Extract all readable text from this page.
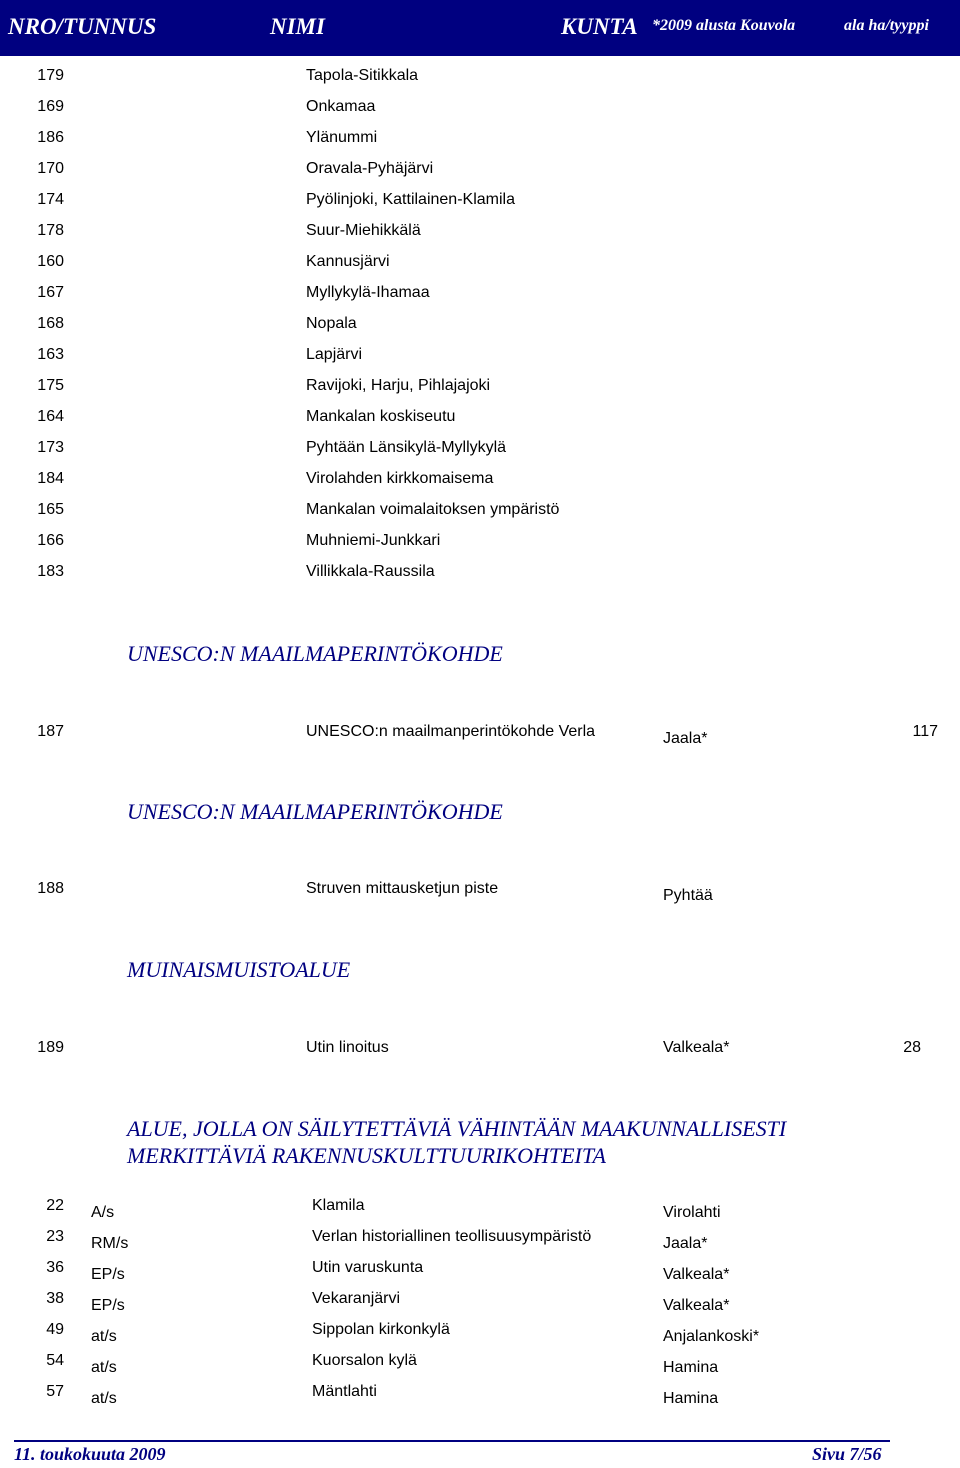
NRO/TUNNUS	NIMI	KUNTA *2009 alusta Kouvola	ala ha/tyyppi
179	Tapola-Sitikkala
169	Onkamaa
186	Ylänummi
170	Oravala-Pyhäjärvi
174	Pyölinjoki, Kattilainen-Klamila
178	Suur-Miehikkälä
160	Kannusjärvi
167	Myllykylä-Ihamaa
168	Nopala
163	Lapjärvi
175	Ravijoki, Harju, Pihlajajoki
164	Mankalan koskiseutu
173	Pyhtään Länsikylä-Myllykylä
184	Virolahden kirkkomaisema
165	Mankalan voimalaitoksen ympäristö
166	Muhniemi-Junkkari
183	Villikkala-Raussila
UNESCO:N MAAILMAPERINTÖKOHDE
187	UNESCO:n maailmanperintökohde Verla	Jaala*	117
UNESCO:N MAAILMAPERINTÖKOHDE
188	Struven mittausketjun piste	Pyhtää
MUINAISMUISTOALUE
189	Utin linoitus	Valkeala*	28
ALUE, JOLLA ON SÄILYTETTÄVIÄ VÄHINTÄÄN MAAKUNNALLISESTI
MERKITTÄVIÄ RAKENNUSKULTTUURIKOHTEITA
22 A/s	Klamila	Virolahti
23 RM/s	Verlan historiallinen teollisuusympäristö	Jaala*
36 EP/s	Utin varuskunta	Valkeala*
38 EP/s	Vekaranjärvi	Valkeala*
49 at/s	Sippolan kirkonkylä	Anjalankoski*
54 at/s	Kuorsalon kylä	Hamina
57 at/s	Mäntlahti	Hamina
11. toukokuuta 2009	Sivu 7/56
